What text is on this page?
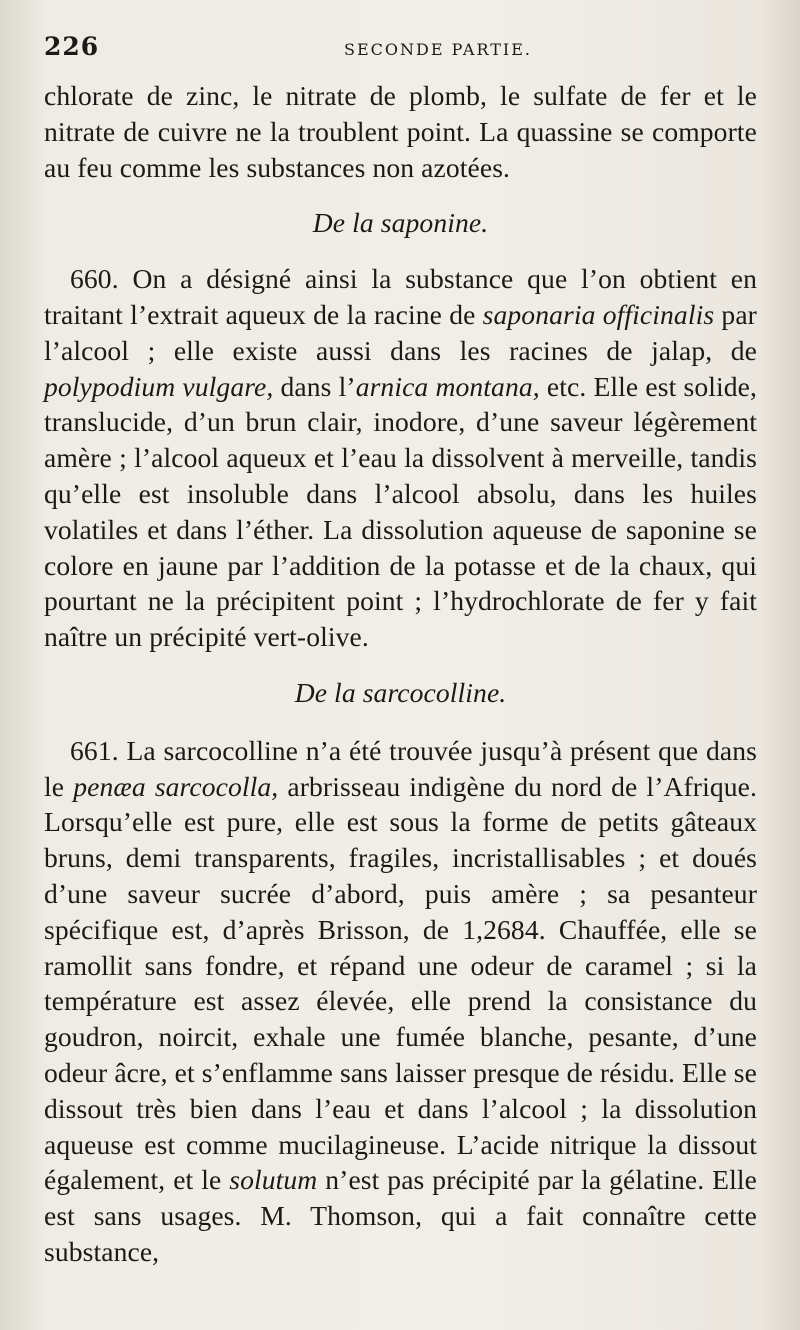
226	SECONDE PARTIE.

chlorate de zinc, le nitrate de plomb, le sulfate de fer et le nitrate de cuivre ne la troublent point. La quassine se comporte au feu comme les substances non azotées.

De la saponine.

660. On a désigné ainsi la substance que l’on obtient en traitant l’extrait aqueux de la racine de saponaria officinalis par l’alcool ; elle existe aussi dans les racines de jalap, de polypodium vulgare, dans l’arnica montana, etc. Elle est solide, translucide, d’un brun clair, inodore, d’une saveur légèrement amère ; l’alcool aqueux et l’eau la dissolvent à merveille, tandis qu’elle est insoluble dans l’alcool absolu, dans les huiles volatiles et dans l’éther. La dissolution aqueuse de saponine se colore en jaune par l’addition de la potasse et de la chaux, qui pourtant ne la précipitent point ; l’hydrochlorate de fer y fait naître un précipité vert-olive.

De la sarcocolline.

661. La sarcocolline n’a été trouvée jusqu’à présent que dans le penæa sarcocolla, arbrisseau indigène du nord de l’Afrique. Lorsqu’elle est pure, elle est sous la forme de petits gâteaux bruns, demi transparents, fragiles, incristallisables ; et doués d’une saveur sucrée d’abord, puis amère ; sa pesanteur spécifique est, d’après Brisson, de 1,2684. Chauffée, elle se ramollit sans fondre, et répand une odeur de caramel ; si la température est assez élevée, elle prend la consistance du goudron, noircit, exhale une fumée blanche, pesante, d’une odeur âcre, et s’enflamme sans laisser presque de résidu. Elle se dissout très bien dans l’eau et dans l’alcool ; la dissolution aqueuse est comme mucilagineuse. L’acide nitrique la dissout également, et le solutum n’est pas précipité par la gélatine. Elle est sans usages. M. Thomson, qui a fait connaître cette substance,
